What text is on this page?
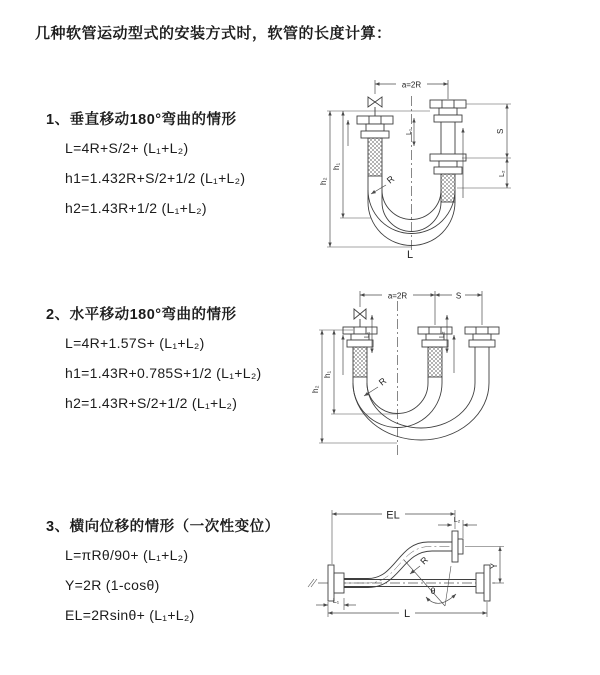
几种软管运动型式的安装方式时，软管的长度计算：
1、垂直移动180°弯曲的情形
L=4R+S/2+ (L₁+L₂)
h1=1.432R+S/2+1/2 (L₁+L₂)
h2=1.43R+1/2 (L₁+L₂)
2、水平移动180°弯曲的情形
L=4R+1.57S+ (L₁+L₂)
h1=1.43R+0.785S+1/2 (L₁+L₂)
h2=1.43R+S/2+1/2 (L₁+L₂)
3、横向位移的情形（一次性变位）
L=πRθ/90+ (L₁+L₂)
Y=2R (1-cosθ)
EL=2Rsinθ+ (L₁+L₂)
a=2R
R
L₁
h₂
h₁
S
L₂
L
a=2R	S
L₁	L₂
h₂
h₁
R
EL	L₂
Y
R
θ
L₁
L
